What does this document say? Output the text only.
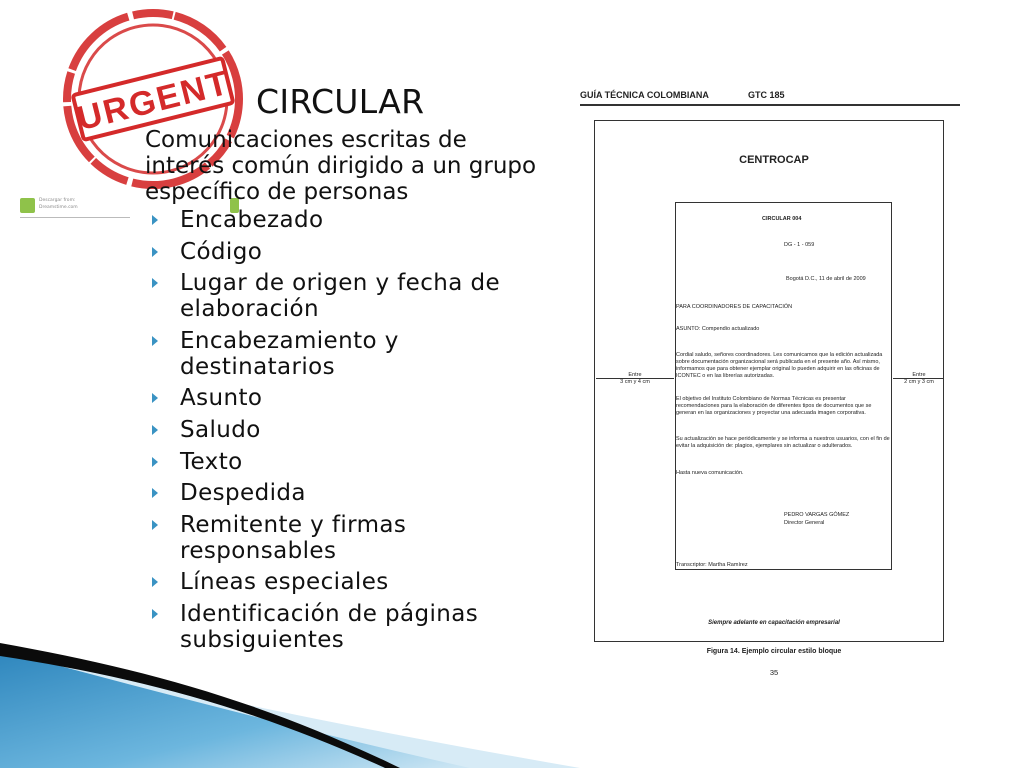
URGENT
Descargar from:
Dreamstime.com
CIRCULAR
Comunicaciones escritas de interés común dirigido a un grupo específico de personas
Encabezado
Código
Lugar de origen y fecha de elaboración
Encabezamiento y destinatarios
Asunto
Saludo
Texto
Despedida
Remitente y firmas responsables
Líneas especiales
Identificación de páginas subsiguientes
GUÍA TÉCNICA COLOMBIANA	GTC 185
CENTROCAP
CIRCULAR 004
DG - 1 - 059
Bogotá D.C., 11 de abril de 2009
PARA COORDINADORES DE CAPACITACIÓN
ASUNTO: Compendio actualizado
Cordial saludo, señores coordinadores. Les comunicamos que la edición actualizada sobre documentación organizacional será publicada en el presente año. Así mismo, informamos que para obtener ejemplar original lo pueden adquirir en las oficinas de ICONTEC o en las librerías autorizadas.
El objetivo del Instituto Colombiano de Normas Técnicas es presentar recomendaciones para la elaboración de diferentes tipos de documentos que se generan en las organizaciones y proyectar una adecuada imagen corporativa.
Su actualización se hace periódicamente y se informa a nuestros usuarios, con el fin de evitar la adquisición de: plagios, ejemplares sin actualizar o adulterados.
Hasta nueva comunicación.
PEDRO VARGAS GÓMEZ
Director General
Transcriptor: Martha Ramírez
Entre
3 cm y 4 cm
Entre
2 cm y 3 cm
Siempre adelante en capacitación empresarial
Figura 14. Ejemplo circular estilo bloque
35
